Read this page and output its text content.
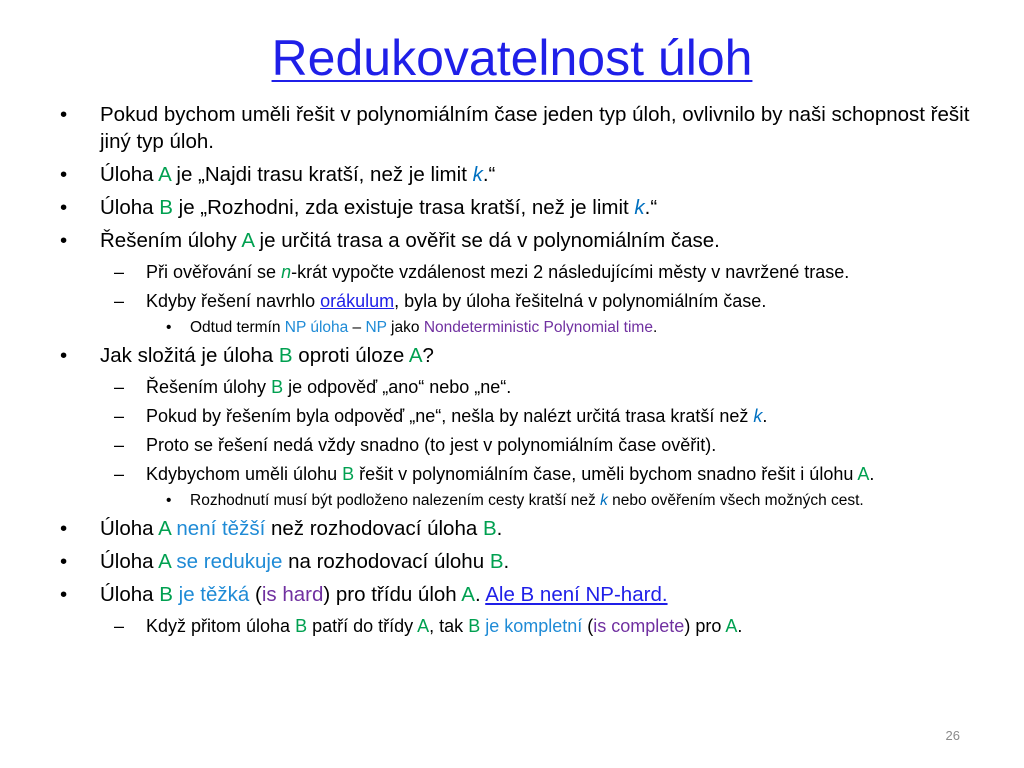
Redukovatelnost úloh
• Pokud bychom uměli řešit v polynomiálním čase jeden typ úloh, ovlivnilo by naši schopnost řešit jiný typ úloh.
• Úloha A je „Najdi trasu kratší, než je limit k.“
• Úloha B je „Rozhodni, zda existuje trasa kratší, než je limit k.“
• Řešením úlohy A je určitá trasa a ověřit se dá v polynomiálním čase.
– Při ověřování se n-krát vypočte vzdálenost mezi 2 následujícími městy v navržené trase.
– Kdyby řešení navrhlo orákulum, byla by úloha řešitelná v polynomiálním čase.
• Odtud termín NP úloha – NP jako Nondeterministic Polynomial time.
• Jak složitá je úloha B oproti úloze A?
– Řešením úlohy B je odpověď „ano“ nebo „ne“.
– Pokud by řešením byla odpověď „ne“, nešla by nalézt určitá trasa kratší než k.
– Proto se řešení nedá vždy snadno (to jest v polynomiálním čase ověřit).
– Kdybychom uměli úlohu B řešit v polynomiálním čase, uměli bychom snadno řešit i úlohu A.
• Rozhodnutí musí být podloženo nalezením cesty kratší než k nebo ověřením všech možných cest.
• Úloha A není těžší než rozhodovací úloha B.
• Úloha A se redukuje na rozhodovací úlohu B.
• Úloha B je těžká (is hard) pro třídu úloh A. Ale B není NP-hard.
– Když přitom úloha B patří do třídy A, tak B je kompletní (is complete) pro A.
26
